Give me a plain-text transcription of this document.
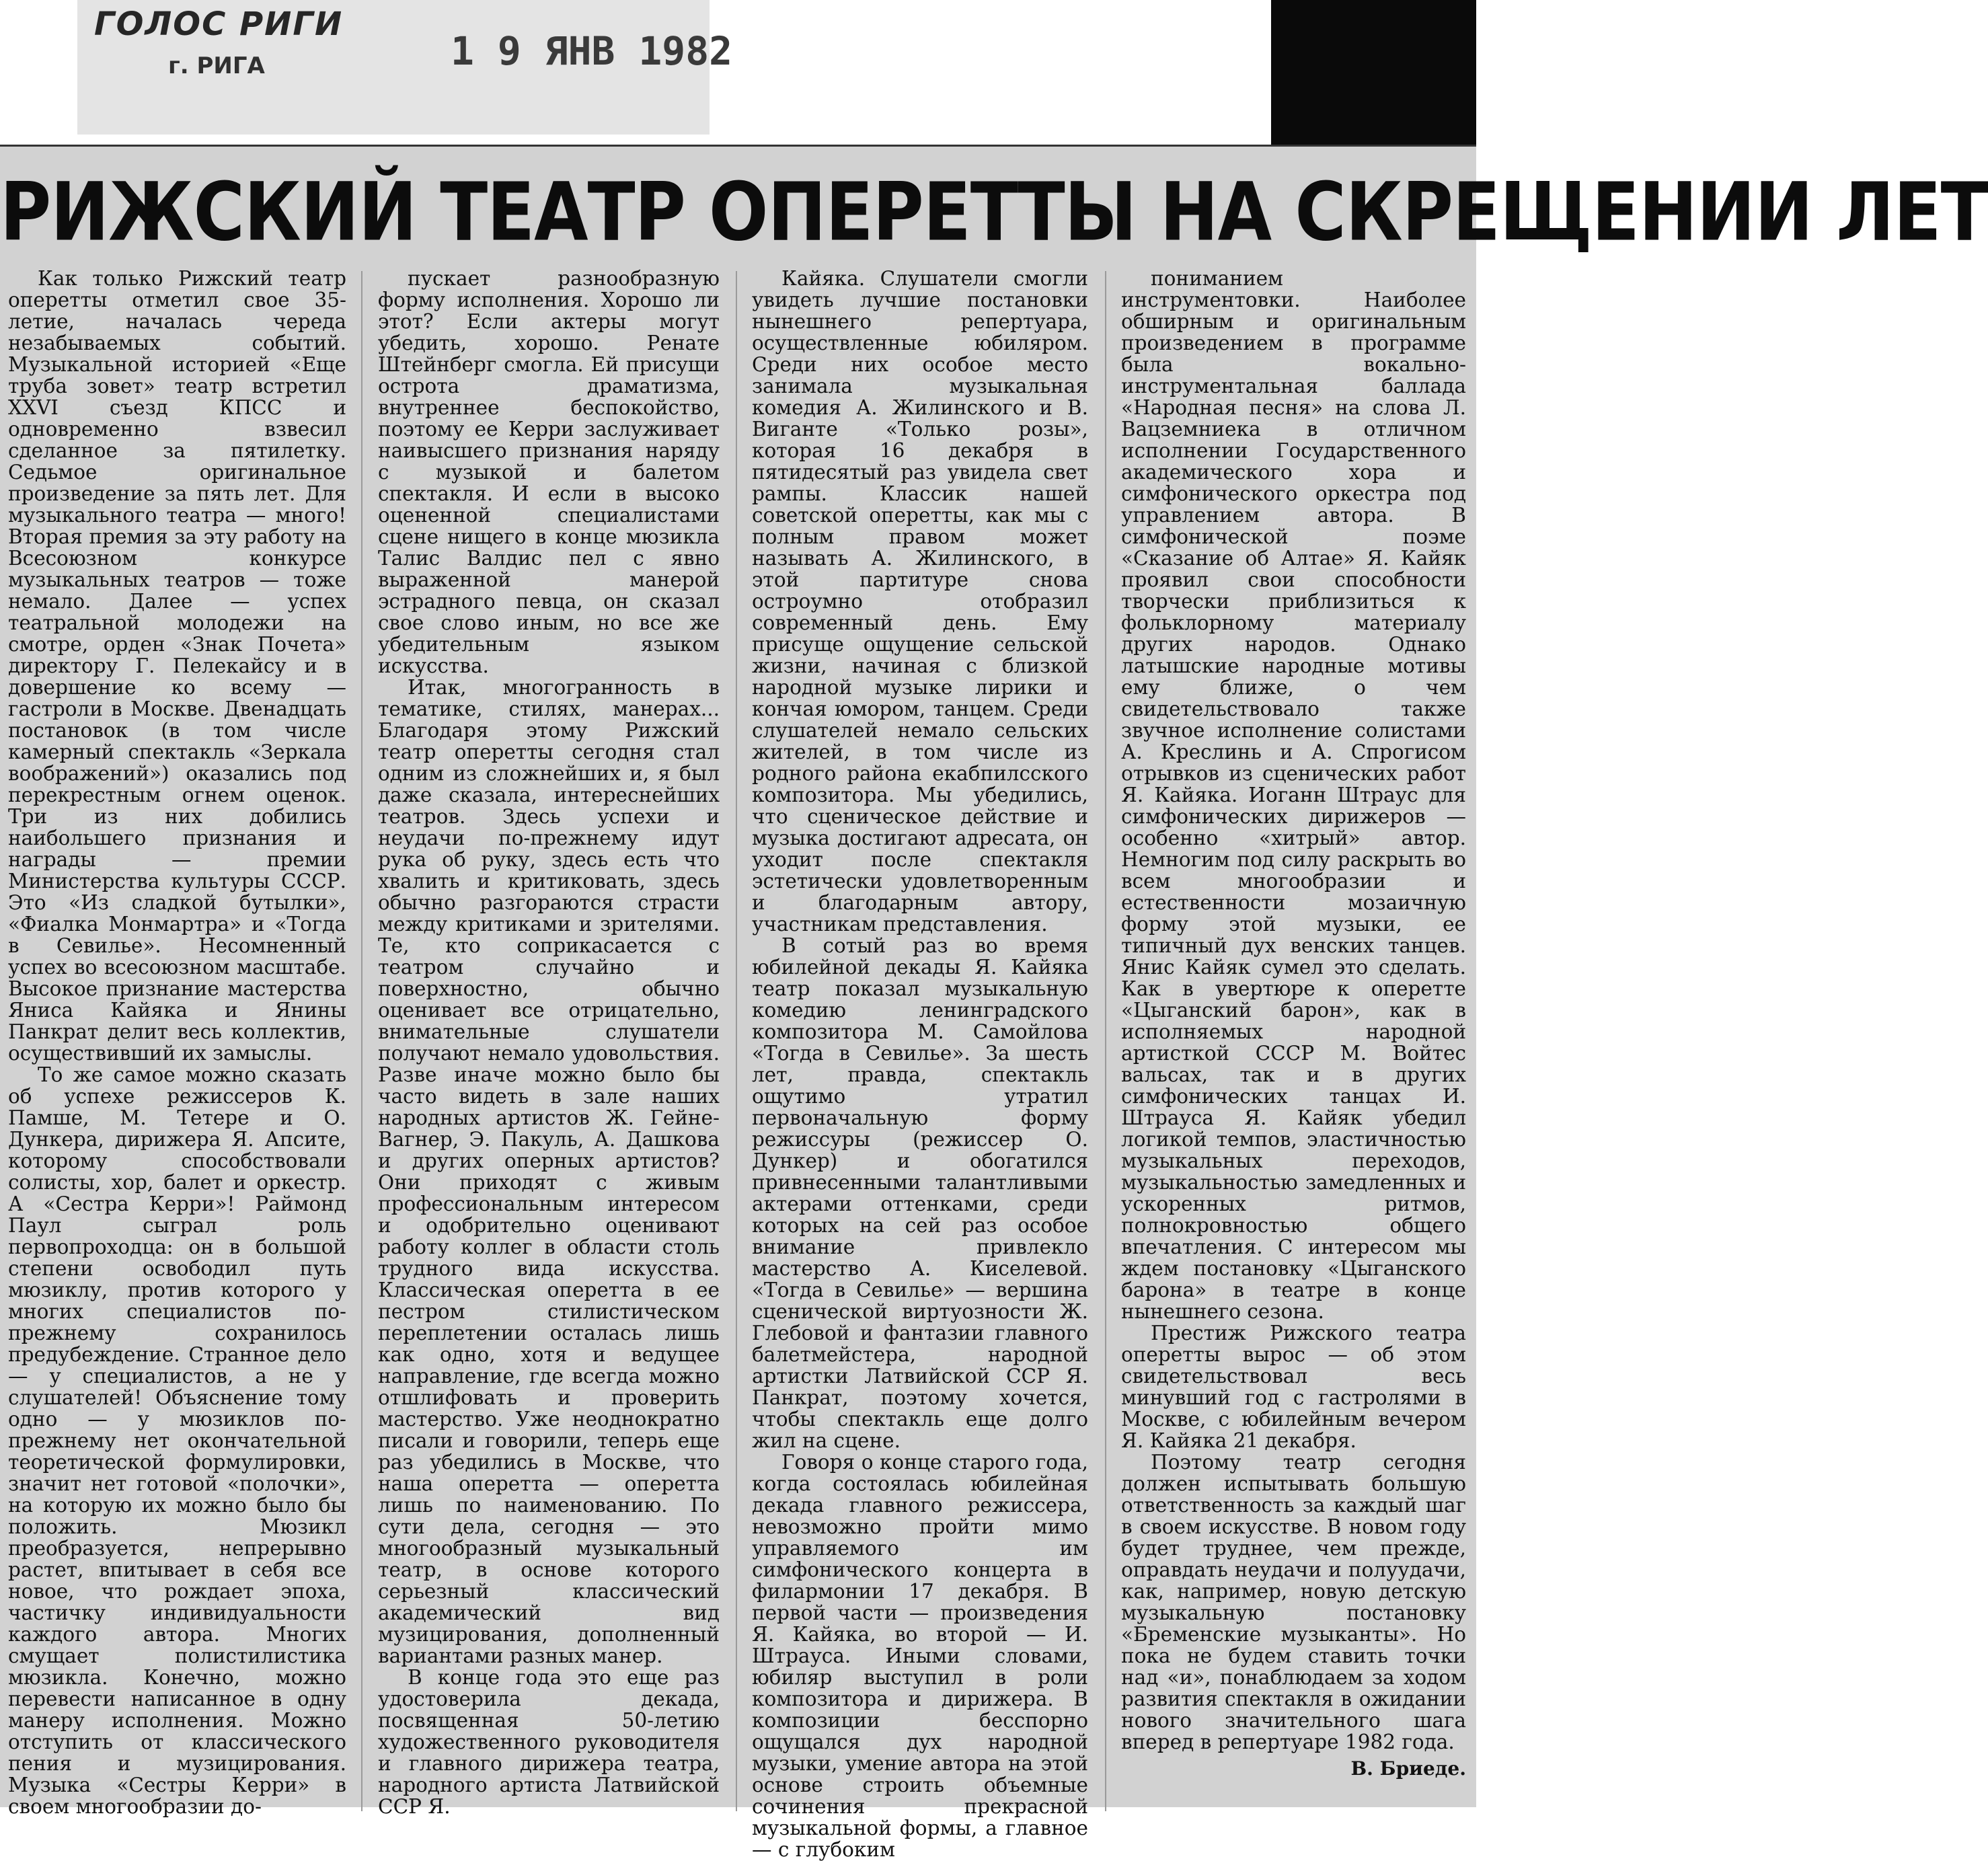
ГОЛОС РИГИ
г. РИГА	1 9 ЯНВ 1982
РИЖСКИЙ ТЕАТР ОПЕРЕТТЫ НА СКРЕЩЕНИИ ЛЕТ

Как только Рижский театр оперетты отметил свое 35-летие, началась череда незабываемых событий. Музыкальной историей «Еще труба зовет» театр встретил XXVI съезд КПСС и одновременно взвесил сделанное за пятилетку. Седьмое оригинальное произведение за пять лет. Для музыкального театра — много! Вторая премия за эту работу на Всесоюзном конкурсе музыкальных театров — тоже немало. Далее — успех театральной молодежи на смотре, орден «Знак Почета» директору Г. Пелекайсу и в довершение ко всему — гастроли в Москве. Двенадцать постановок (в том числе камерный спектакль «Зеркала воображений») оказались под перекрестным огнем оценок. Три из них добились наибольшего признания и награды — премии Министерства культуры СССР. Это «Из сладкой бутылки», «Фиалка Монмартра» и «Тогда в Севилье». Несомненный успех во всесоюзном масштабе. Высокое признание мастерства Яниса Кайяка и Янины Панкрат делит весь коллектив, осуществивший их замыслы.

То же самое можно сказать об успехе режиссеров К. Памше, М. Тетере и О. Дункера, дирижера Я. Апсите, которому способствовали солисты, хор, балет и оркестр. А «Сестра Керри»! Раймонд Паул сыграл роль первопроходца: он в большой степени освободил путь мюзиклу, против которого у многих специалистов по-прежнему сохранилось предубеждение. Странное дело — у специалистов, а не у слушателей! Объяснение тому одно — у мюзиклов по-прежнему нет окончательной теоретической формулировки, значит нет готовой «полочки», на которую их можно было бы положить. Мюзикл преобразуется, непрерывно растет, впитывает в себя все новое, что рождает эпоха, частичку индивидуальности каждого автора. Многих смущает полистилистика мюзикла. Конечно, можно перевести написанное в одну манеру исполнения. Можно отступить от классического пения и музицирования. Музыка «Сестры Керри» в своем многообразии до-

пускает разнообразную форму исполнения. Хорошо ли этот? Если актеры могут убедить, хорошо. Ренате Штейнберг смогла. Ей присущи острота драматизма, внутреннее беспокойство, поэтому ее Керри заслуживает наивысшего признания наряду с музыкой и балетом спектакля. И если в высоко оцененной специалистами сцене нищего в конце мюзикла Талис Валдис пел с явно выраженной манерой эстрадного певца, он сказал свое слово иным, но все же убедительным языком искусства.

Итак, многогранность в тематике, стилях, манерах... Благодаря этому Рижский театр оперетты сегодня стал одним из сложнейших и, я был даже сказала, интереснейших театров. Здесь успехи и неудачи по-прежнему идут рука об руку, здесь есть что хвалить и критиковать, здесь обычно разгораются страсти между критиками и зрителями. Те, кто соприкасается с театром случайно и поверхностно, обычно оценивает все отрицательно, внимательные слушатели получают немало удовольствия. Разве иначе можно было бы часто видеть в зале наших народных артистов Ж. Гейне-Вагнер, Э. Пакуль, А. Дашкова и других оперных артистов? Они приходят с живым профессиональным интересом и одобрительно оценивают работу коллег в области столь трудного вида искусства. Классическая оперетта в ее пестром стилистическом переплетении осталась лишь как одно, хотя и ведущее направление, где всегда можно отшлифовать и проверить мастерство. Уже неоднократно писали и говорили, теперь еще раз убедились в Москве, что наша оперетта — оперетта лишь по наименованию. По сути дела, сегодня — это многообразный музыкальный театр, в основе которого серьезный классический академический вид музицирования, дополненный вариантами разных манер.

В конце года это еще раз удостоверила декада, посвященная 50-летию художественного руководителя и главного дирижера театра, народного артиста Латвийской ССР Я.

Кайяка. Слушатели смогли увидеть лучшие постановки нынешнего репертуара, осуществленные юбиляром. Среди них особое место занимала музыкальная комедия А. Жилинского и В. Виганте «Только розы», которая 16 декабря в пятидесятый раз увидела свет рампы. Классик нашей советской оперетты, как мы с полным правом может называть А. Жилинского, в этой партитуре снова остроумно отобразил современный день. Ему присуще ощущение сельской жизни, начиная с близкой народной музыке лирики и кончая юмором, танцем. Среди слушателей немало сельских жителей, в том числе из родного района екабпилсского композитора. Мы убедились, что сценическое действие и музыка достигают адресата, он уходит после спектакля эстетически удовлетворенным и благодарным автору, участникам представления.

В сотый раз во время юбилейной декады Я. Кайяка театр показал музыкальную комедию ленинградского композитора М. Самойлова «Тогда в Севилье». За шесть лет, правда, спектакль ощутимо утратил первоначальную форму режиссуры (режиссер О. Дункер) и обогатился привнесенными талантливыми актерами оттенками, среди которых на сей раз особое внимание привлекло мастерство А. Киселевой. «Тогда в Севилье» — вершина сценической виртуозности Ж. Глебовой и фантазии главного балетмейстера, народной артистки Латвийской ССР Я. Панкрат, поэтому хочется, чтобы спектакль еще долго жил на сцене.

Говоря о конце старого года, когда состоялась юбилейная декада главного режиссера, невозможно пройти мимо управляемого им симфонического концерта в филармонии 17 декабря. В первой части — произведения Я. Кайяка, во второй — И. Штрауса. Иными словами, юбиляр выступил в роли композитора и дирижера. В композиции бесспорно ощущался дух народной музыки, умение автора на этой основе строить объемные сочинения прекрасной музыкальной формы, а главное — с глубоким

пониманием инструментовки. Наиболее обширным и оригинальным произведением в программе была вокально-инструментальная баллада «Народная песня» на слова Л. Вацземниека в отличном исполнении Государственного академического хора и симфонического оркестра под управлением автора. В симфонической поэме «Сказание об Алтае» Я. Кайяк проявил свои способности творчески приблизиться к фольклорному материалу других народов. Однако латышские народные мотивы ему ближе, о чем свидетельствовало также звучное исполнение солистами А. Креслинь и А. Спрогисом отрывков из сценических работ Я. Кайяка. Иоганн Штраус для симфонических дирижеров — особенно «хитрый» автор. Немногим под силу раскрыть во всем многообразии и естественности мозаичную форму этой музыки, ее типичный дух венских танцев. Янис Кайяк сумел это сделать. Как в увертюре к оперетте «Цыганский барон», как в исполняемых народной артисткой СССР М. Войтес вальсах, так и в других симфонических танцах И. Штрауса Я. Кайяк убедил логикой темпов, эластичностью музыкальных переходов, музыкальностью замедленных и ускоренных ритмов, полнокровностью общего впечатления. С интересом мы ждем постановку «Цыганского барона» в театре в конце нынешнего сезона.

Престиж Рижского театра оперетты вырос — об этом свидетельствовал весь минувший год с гастролями в Москве, с юбилейным вечером Я. Кайяка 21 декабря.

Поэтому театр сегодня должен испытывать большую ответственность за каждый шаг в своем искусстве. В новом году будет труднее, чем прежде, оправдать неудачи и полуудачи, как, например, новую детскую музыкальную постановку «Бременские музыканты». Но пока не будем ставить точки над «и», понаблюдаем за ходом развития спектакля в ожидании нового значительного шага вперед в репертуаре 1982 года.

В. Бриеде.
